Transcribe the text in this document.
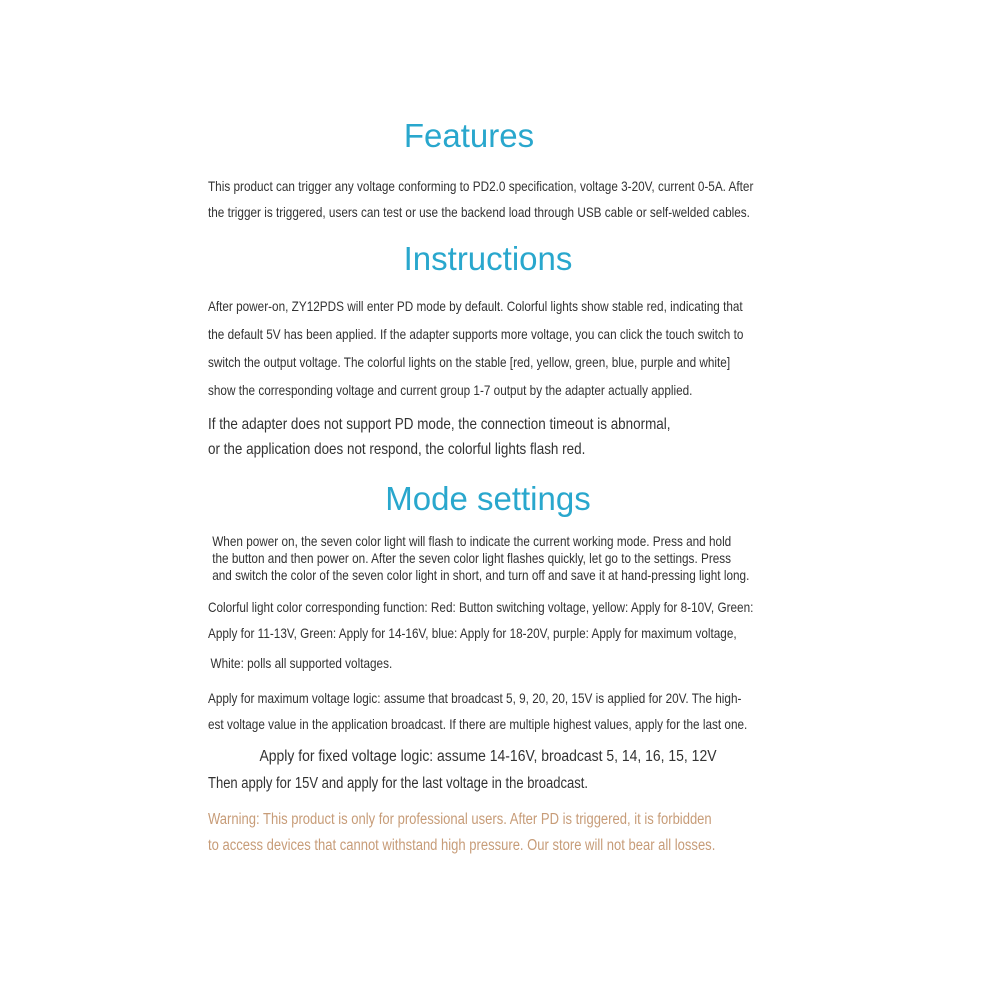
Features
This product can trigger any voltage conforming to PD2.0 specification, voltage 3-20V, current 0-5A. After
the trigger is triggered, users can test or use the backend load through USB cable or self-welded cables.
Instructions
After power-on, ZY12PDS will enter PD mode by default. Colorful lights show stable red, indicating that
the default 5V has been applied. If the adapter supports more voltage, you can click the touch switch to
switch the output voltage. The colorful lights on the stable [red, yellow, green, blue, purple and white]
show the corresponding voltage and current group 1-7 output by the adapter actually applied.
If the adapter does not support PD mode, the connection timeout is abnormal,
or the application does not respond, the colorful lights flash red.
Mode settings
When power on, the seven color light will flash to indicate the current working mode. Press and hold
the button and then power on. After the seven color light flashes quickly, let go to the settings. Press
and switch the color of the seven color light in short, and turn off and save it at hand-pressing light long.
Colorful light color corresponding function: Red: Button switching voltage, yellow: Apply for 8-10V, Green:
Apply for 11-13V, Green: Apply for 14-16V, blue: Apply for 18-20V, purple: Apply for maximum voltage,
White: polls all supported voltages.
Apply for maximum voltage logic: assume that broadcast 5, 9, 20, 20, 15V is applied for 20V. The high-
est voltage value in the application broadcast. If there are multiple highest values, apply for the last one.
Apply for fixed voltage logic: assume 14-16V, broadcast 5, 14, 16, 15, 12V
Then apply for 15V and apply for the last voltage in the broadcast.
Warning: This product is only for professional users. After PD is triggered, it is forbidden
to access devices that cannot withstand high pressure. Our store will not bear all losses.
